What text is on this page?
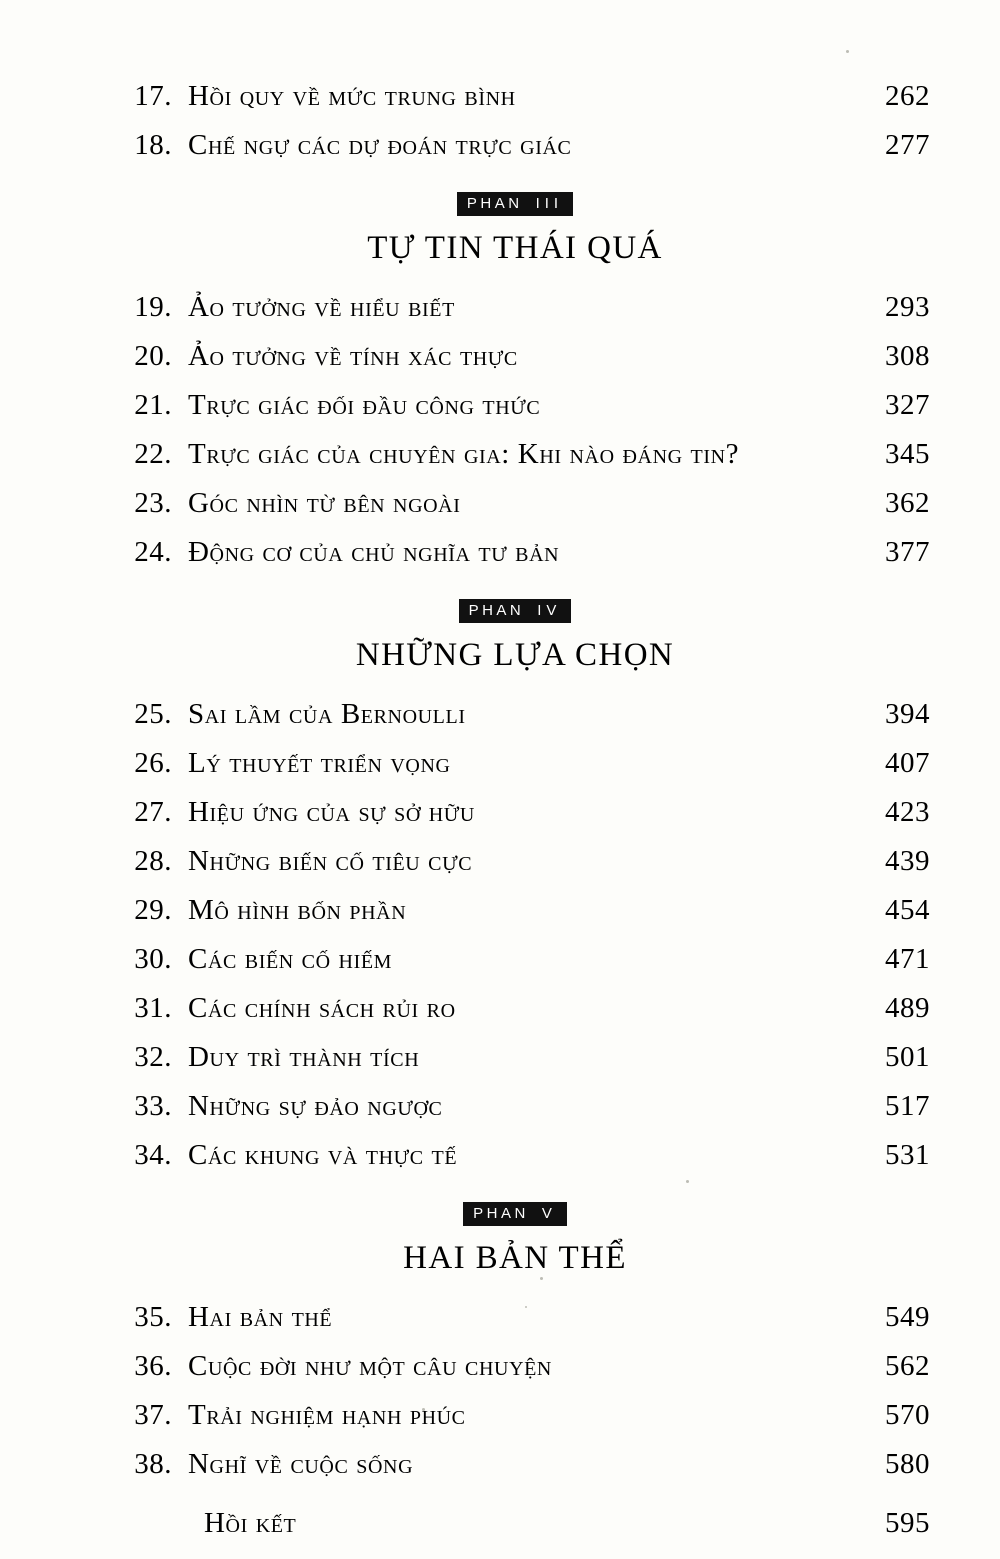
17. Hồi quy về mức trung bình	262
18. Chế ngự các dự đoán trực giác	277
PHAN III
TỰ TIN THÁI QUÁ
19. Ảo tưởng về hiểu biết	293
20. Ảo tưởng về tính xác thực	308
21. Trực giác đối đầu công thức	327
22. Trực giác của chuyên gia: Khi nào đáng tin?	345
23. Góc nhìn từ bên ngoài	362
24. Động cơ của chủ nghĩa tư bản	377
PHAN IV
NHỮNG LỰA CHỌN
25. Sai lầm của Bernoulli	394
26. Lý thuyết triển vọng	407
27. Hiệu ứng của sự sở hữu	423
28. Những biến cố tiêu cực	439
29. Mô hình bốn phần	454
30. Các biến cố hiếm	471
31. Các chính sách rủi ro	489
32. Duy trì thành tích	501
33. Những sự đảo ngược	517
34. Các khung và thực tế	531
PHAN V
HAI BẢN THỂ
35. Hai bản thể	549
36. Cuộc đời như một câu chuyện	562
37. Trải nghiệm hạnh phúc	570
38. Nghĩ về cuộc sống	580
Hồi kết	595
